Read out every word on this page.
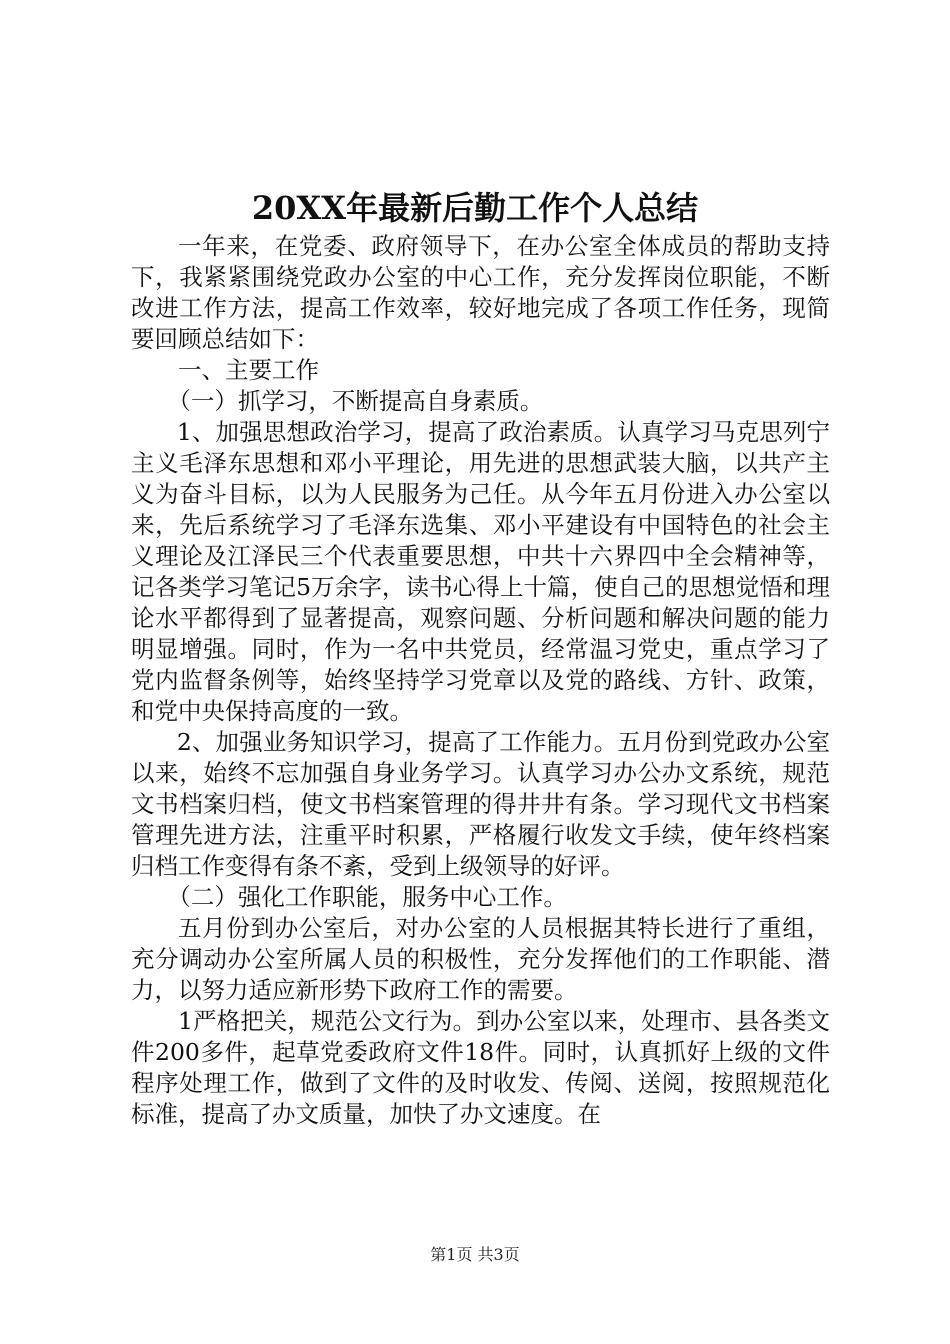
20XX年最新后勤工作个人总结

一年来，在党委、政府领导下，在办公室全体成员的帮助支持下，我紧紧围绕党政办公室的中心工作，充分发挥岗位职能，不断改进工作方法，提高工作效率，较好地完成了各项工作任务，现简要回顾总结如下：

一、主要工作

（一）抓学习，不断提高自身素质。

1、加强思想政治学习，提高了政治素质。认真学习马克思列宁主义毛泽东思想和邓小平理论，用先进的思想武装大脑，以共产主义为奋斗目标，以为人民服务为己任。从今年五月份进入办公室以来，先后系统学习了毛泽东选集、邓小平建设有中国特色的社会主义理论及江泽民三个代表重要思想，中共十六界四中全会精神等，记各类学习笔记5万余字，读书心得上十篇，使自己的思想觉悟和理论水平都得到了显著提高，观察问题、分析问题和解决问题的能力明显增强。同时，作为一名中共党员，经常温习党史，重点学习了党内监督条例等，始终坚持学习党章以及党的路线、方针、政策，和党中央保持高度的一致。

2、加强业务知识学习，提高了工作能力。五月份到党政办公室以来，始终不忘加强自身业务学习。认真学习办公办文系统，规范文书档案归档，使文书档案管理的得井井有条。学习现代文书档案管理先进方法，注重平时积累，严格履行收发文手续，使年终档案归档工作变得有条不紊，受到上级领导的好评。

（二）强化工作职能，服务中心工作。

五月份到办公室后，对办公室的人员根据其特长进行了重组，充分调动办公室所属人员的积极性，充分发挥他们的工作职能、潜力，以努力适应新形势下政府工作的需要。

1严格把关，规范公文行为。到办公室以来，处理市、县各类文件200多件，起草党委政府文件18件。同时，认真抓好上级的文件程序处理工作，做到了文件的及时收发、传阅、送阅，按照规范化标准，提高了办文质量，加快了办文速度。在

第1页 共3页
